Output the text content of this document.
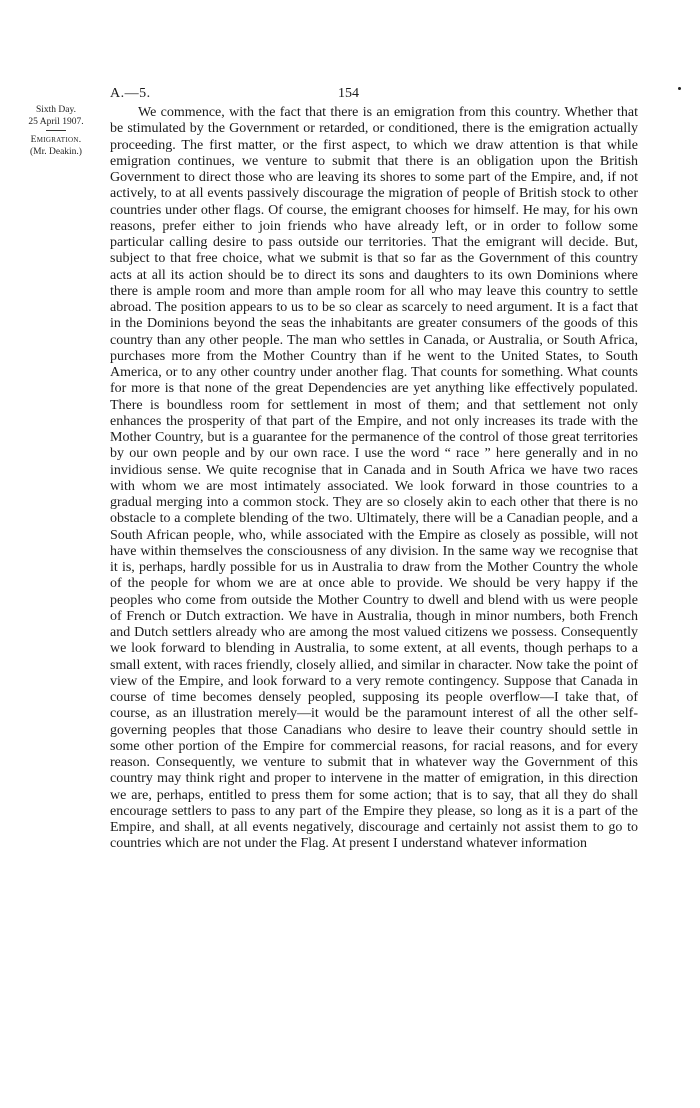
A.—5.	154
Sixth Day.
25 April 1907.
Emigration.
(Mr. Deakin.)

We commence, with the fact that there is an emigration from this country. Whether that be stimulated by the Government or retarded, or conditioned, there is the emigration actually proceeding. The first matter, or the first aspect, to which we draw attention is that while emigration continues, we venture to submit that there is an obligation upon the British Government to direct those who are leaving its shores to some part of the Empire, and, if not actively, to at all events passively discourage the migration of people of British stock to other countries under other flags. Of course, the emigrant chooses for himself. He may, for his own reasons, prefer either to join friends who have already left, or in order to follow some particular calling desire to pass outside our territories. That the emigrant will decide. But, subject to that free choice, what we submit is that so far as the Government of this country acts at all its action should be to direct its sons and daughters to its own Dominions where there is ample room and more than ample room for all who may leave this country to settle abroad. The position appears to us to be so clear as scarcely to need argument. It is a fact that in the Dominions beyond the seas the inhabitants are greater consumers of the goods of this country than any other people. The man who settles in Canada, or Australia, or South Africa, purchases more from the Mother Country than if he went to the United States, to South America, or to any other country under another flag. That counts for something. What counts for more is that none of the great Dependencies are yet anything like effectively populated. There is boundless room for settlement in most of them; and that settlement not only enhances the prosperity of that part of the Empire, and not only increases its trade with the Mother Country, but is a guarantee for the permanence of the control of those great territories by our own people and by our own race. I use the word “ race ” here generally and in no invidious sense. We quite recognise that in Canada and in South Africa we have two races with whom we are most intimately associated. We look forward in those countries to a gradual merging into a common stock. They are so closely akin to each other that there is no obstacle to a complete blending of the two. Ultimately, there will be a Canadian people, and a South African people, who, while associated with the Empire as closely as possible, will not have within themselves the consciousness of any division. In the same way we recognise that it is, perhaps, hardly possible for us in Australia to draw from the Mother Country the whole of the people for whom we are at once able to provide. We should be very happy if the peoples who come from outside the Mother Country to dwell and blend with us were people of French or Dutch extraction. We have in Australia, though in minor numbers, both French and Dutch settlers already who are among the most valued citizens we possess. Consequently we look forward to blending in Australia, to some extent, at all events, though perhaps to a small extent, with races friendly, closely allied, and similar in character. Now take the point of view of the Empire, and look forward to a very remote contingency. Suppose that Canada in course of time becomes densely peopled, supposing its people overflow—I take that, of course, as an illustration merely—it would be the paramount interest of all the other self-governing peoples that those Canadians who desire to leave their country should settle in some other portion of the Empire for commercial reasons, for racial reasons, and for every reason. Consequently, we venture to submit that in whatever way the Government of this country may think right and proper to intervene in the matter of emigration, in this direction we are, perhaps, entitled to press them for some action; that is to say, that all they do shall encourage settlers to pass to any part of the Empire they please, so long as it is a part of the Empire, and shall, at all events negatively, discourage and certainly not assist them to go to countries which are not under the Flag. At present I understand whatever information
